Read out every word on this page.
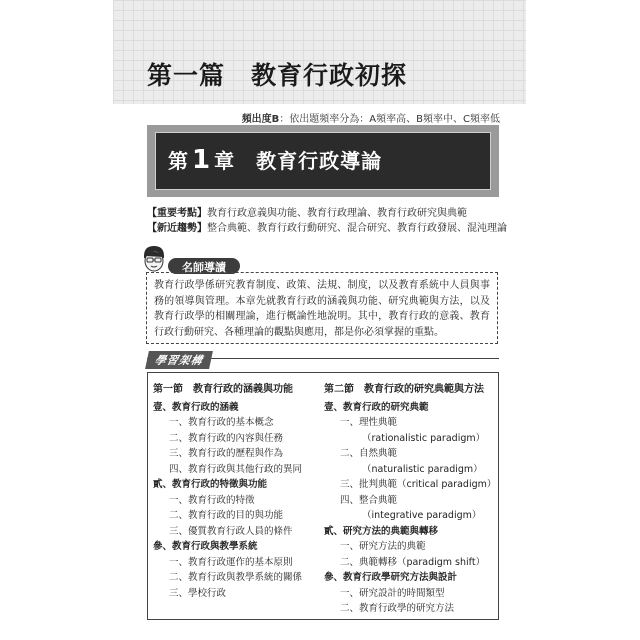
第一篇　教育行政初探
頻出度B：依出題頻率分為：A頻率高、B頻率中、C頻率低
第 1 章　教育行政導論
【重要考點】教育行政意義與功能、教育行政理論、教育行政研究與典範
【新近趨勢】整合典範、教育行政行動研究、混合研究、教育行政發展、混沌理論
名師導讀
教育行政學係研究教育制度、政策、法規、制度，以及教育系統中人員與事務的領導與管理。本章先就教育行政的涵義與功能、研究典範與方法，以及教育行政學的相關理論，進行概論性地說明。其中，教育行政的意義、教育行政行動研究、各種理論的觀點與應用，都是你必須掌握的重點。
學習架構
第一節　教育行政的涵義與功能
壹、教育行政的涵義
一、教育行政的基本概念
二、教育行政的內容與任務
三、教育行政的歷程與作為
四、教育行政與其他行政的異同
貳、教育行政的特徵與功能
一、教育行政的特徵
二、教育行政的目的與功能
三、優質教育行政人員的條件
參、教育行政與教學系統
一、教育行政運作的基本原則
二、教育行政與教學系統的關係
三、學校行政
第二節　教育行政的研究典範與方法
壹、教育行政的研究典範
一、理性典範
（rationalistic paradigm）
二、自然典範
（naturalistic paradigm）
三、批判典範（critical paradigm）
四、整合典範
（integrative paradigm）
貳、研究方法的典範與轉移
一、研究方法的典範
二、典範轉移（paradigm shift）
參、教育行政學研究方法與設計
一、研究設計的時間類型
二、教育行政學的研究方法
